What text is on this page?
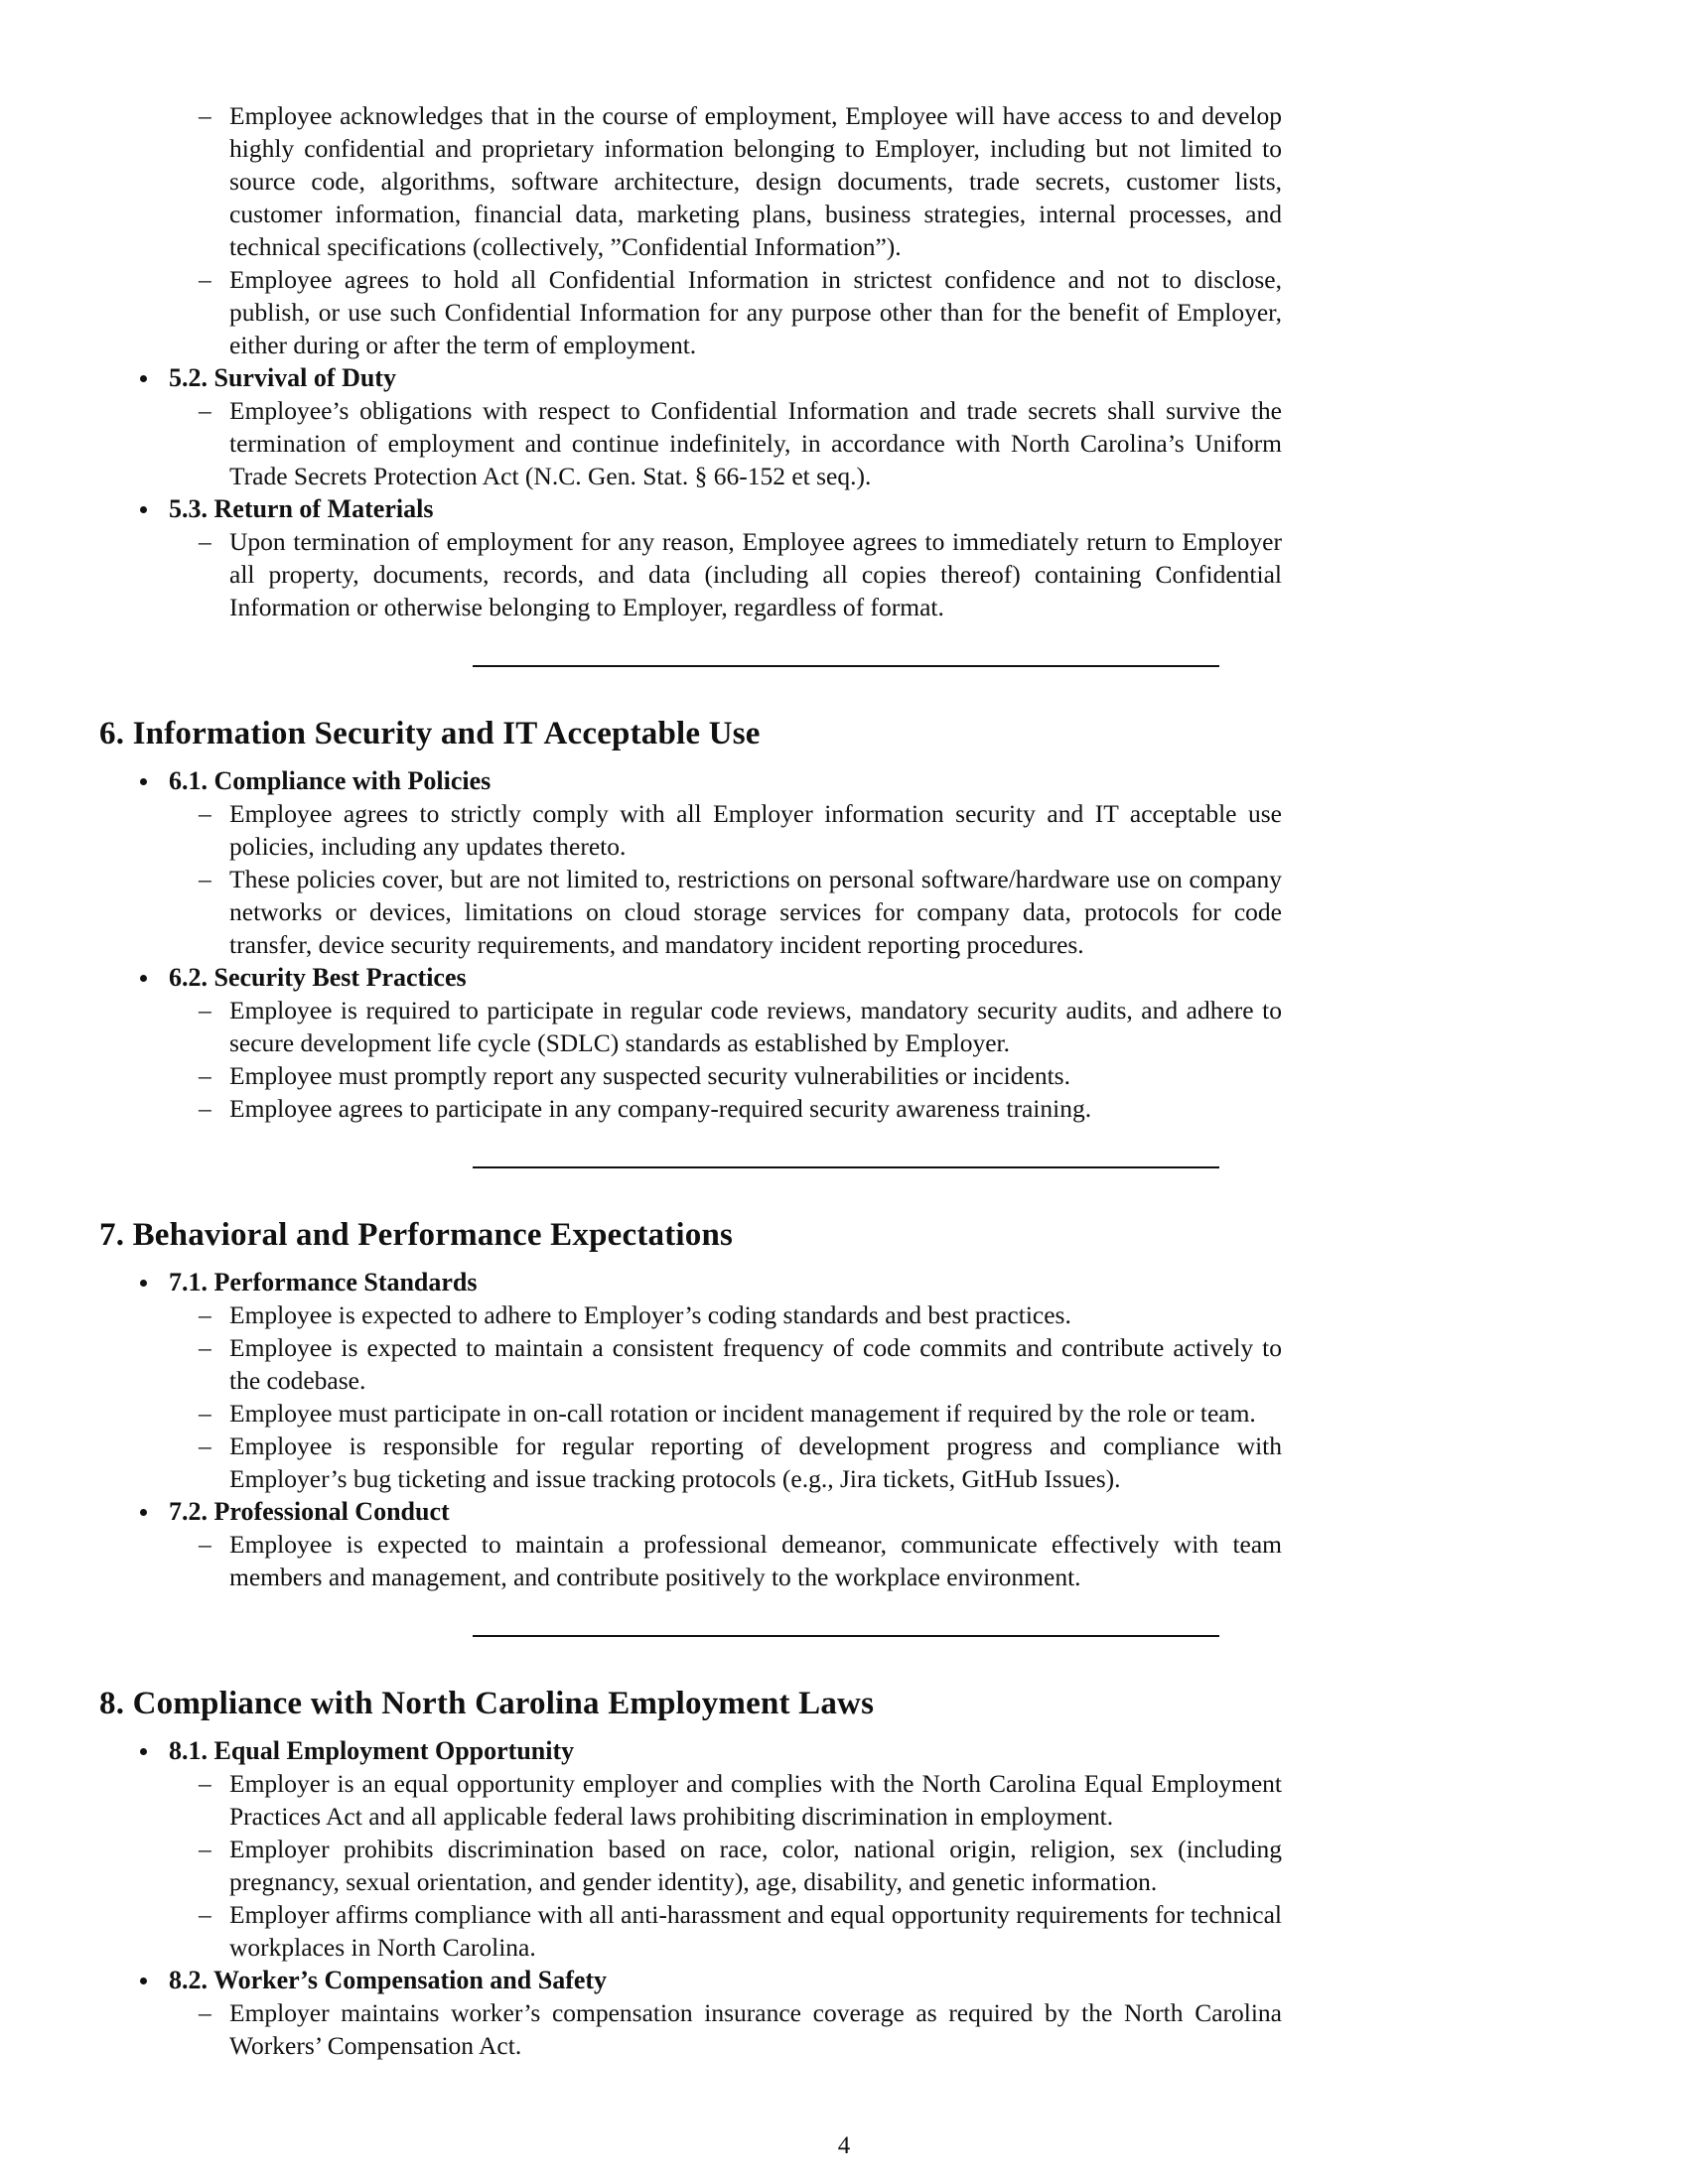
– Employee acknowledges that in the course of employment, Employee will have access to and develop highly confidential and proprietary information belonging to Employer, including but not limited to source code, algorithms, software architecture, design documents, trade secrets, customer lists, customer information, financial data, marketing plans, business strategies, internal processes, and technical specifications (collectively, ”Confidential Information”).
– Employee agrees to hold all Confidential Information in strictest confidence and not to disclose, publish, or use such Confidential Information for any purpose other than for the benefit of Employer, either during or after the term of employment.
5.2. Survival of Duty
– Employee’s obligations with respect to Confidential Information and trade secrets shall survive the termination of employment and continue indefinitely, in accordance with North Carolina’s Uniform Trade Secrets Protection Act (N.C. Gen. Stat. § 66-152 et seq.).
5.3. Return of Materials
– Upon termination of employment for any reason, Employee agrees to immediately return to Employer all property, documents, records, and data (including all copies thereof) containing Confidential Information or otherwise belonging to Employer, regardless of format.
6. Information Security and IT Acceptable Use
6.1. Compliance with Policies
– Employee agrees to strictly comply with all Employer information security and IT acceptable use policies, including any updates thereto.
– These policies cover, but are not limited to, restrictions on personal software/hardware use on company networks or devices, limitations on cloud storage services for company data, protocols for code transfer, device security requirements, and mandatory incident reporting procedures.
6.2. Security Best Practices
– Employee is required to participate in regular code reviews, mandatory security audits, and adhere to secure development life cycle (SDLC) standards as established by Employer.
– Employee must promptly report any suspected security vulnerabilities or incidents.
– Employee agrees to participate in any company-required security awareness training.
7. Behavioral and Performance Expectations
7.1. Performance Standards
– Employee is expected to adhere to Employer’s coding standards and best practices.
– Employee is expected to maintain a consistent frequency of code commits and contribute actively to the codebase.
– Employee must participate in on-call rotation or incident management if required by the role or team.
– Employee is responsible for regular reporting of development progress and compliance with Employer’s bug ticketing and issue tracking protocols (e.g., Jira tickets, GitHub Issues).
7.2. Professional Conduct
– Employee is expected to maintain a professional demeanor, communicate effectively with team members and management, and contribute positively to the workplace environment.
8. Compliance with North Carolina Employment Laws
8.1. Equal Employment Opportunity
– Employer is an equal opportunity employer and complies with the North Carolina Equal Employment Practices Act and all applicable federal laws prohibiting discrimination in employment.
– Employer prohibits discrimination based on race, color, national origin, religion, sex (including pregnancy, sexual orientation, and gender identity), age, disability, and genetic information.
– Employer affirms compliance with all anti-harassment and equal opportunity requirements for technical workplaces in North Carolina.
8.2. Worker’s Compensation and Safety
– Employer maintains worker’s compensation insurance coverage as required by the North Carolina Workers’ Compensation Act.
4
